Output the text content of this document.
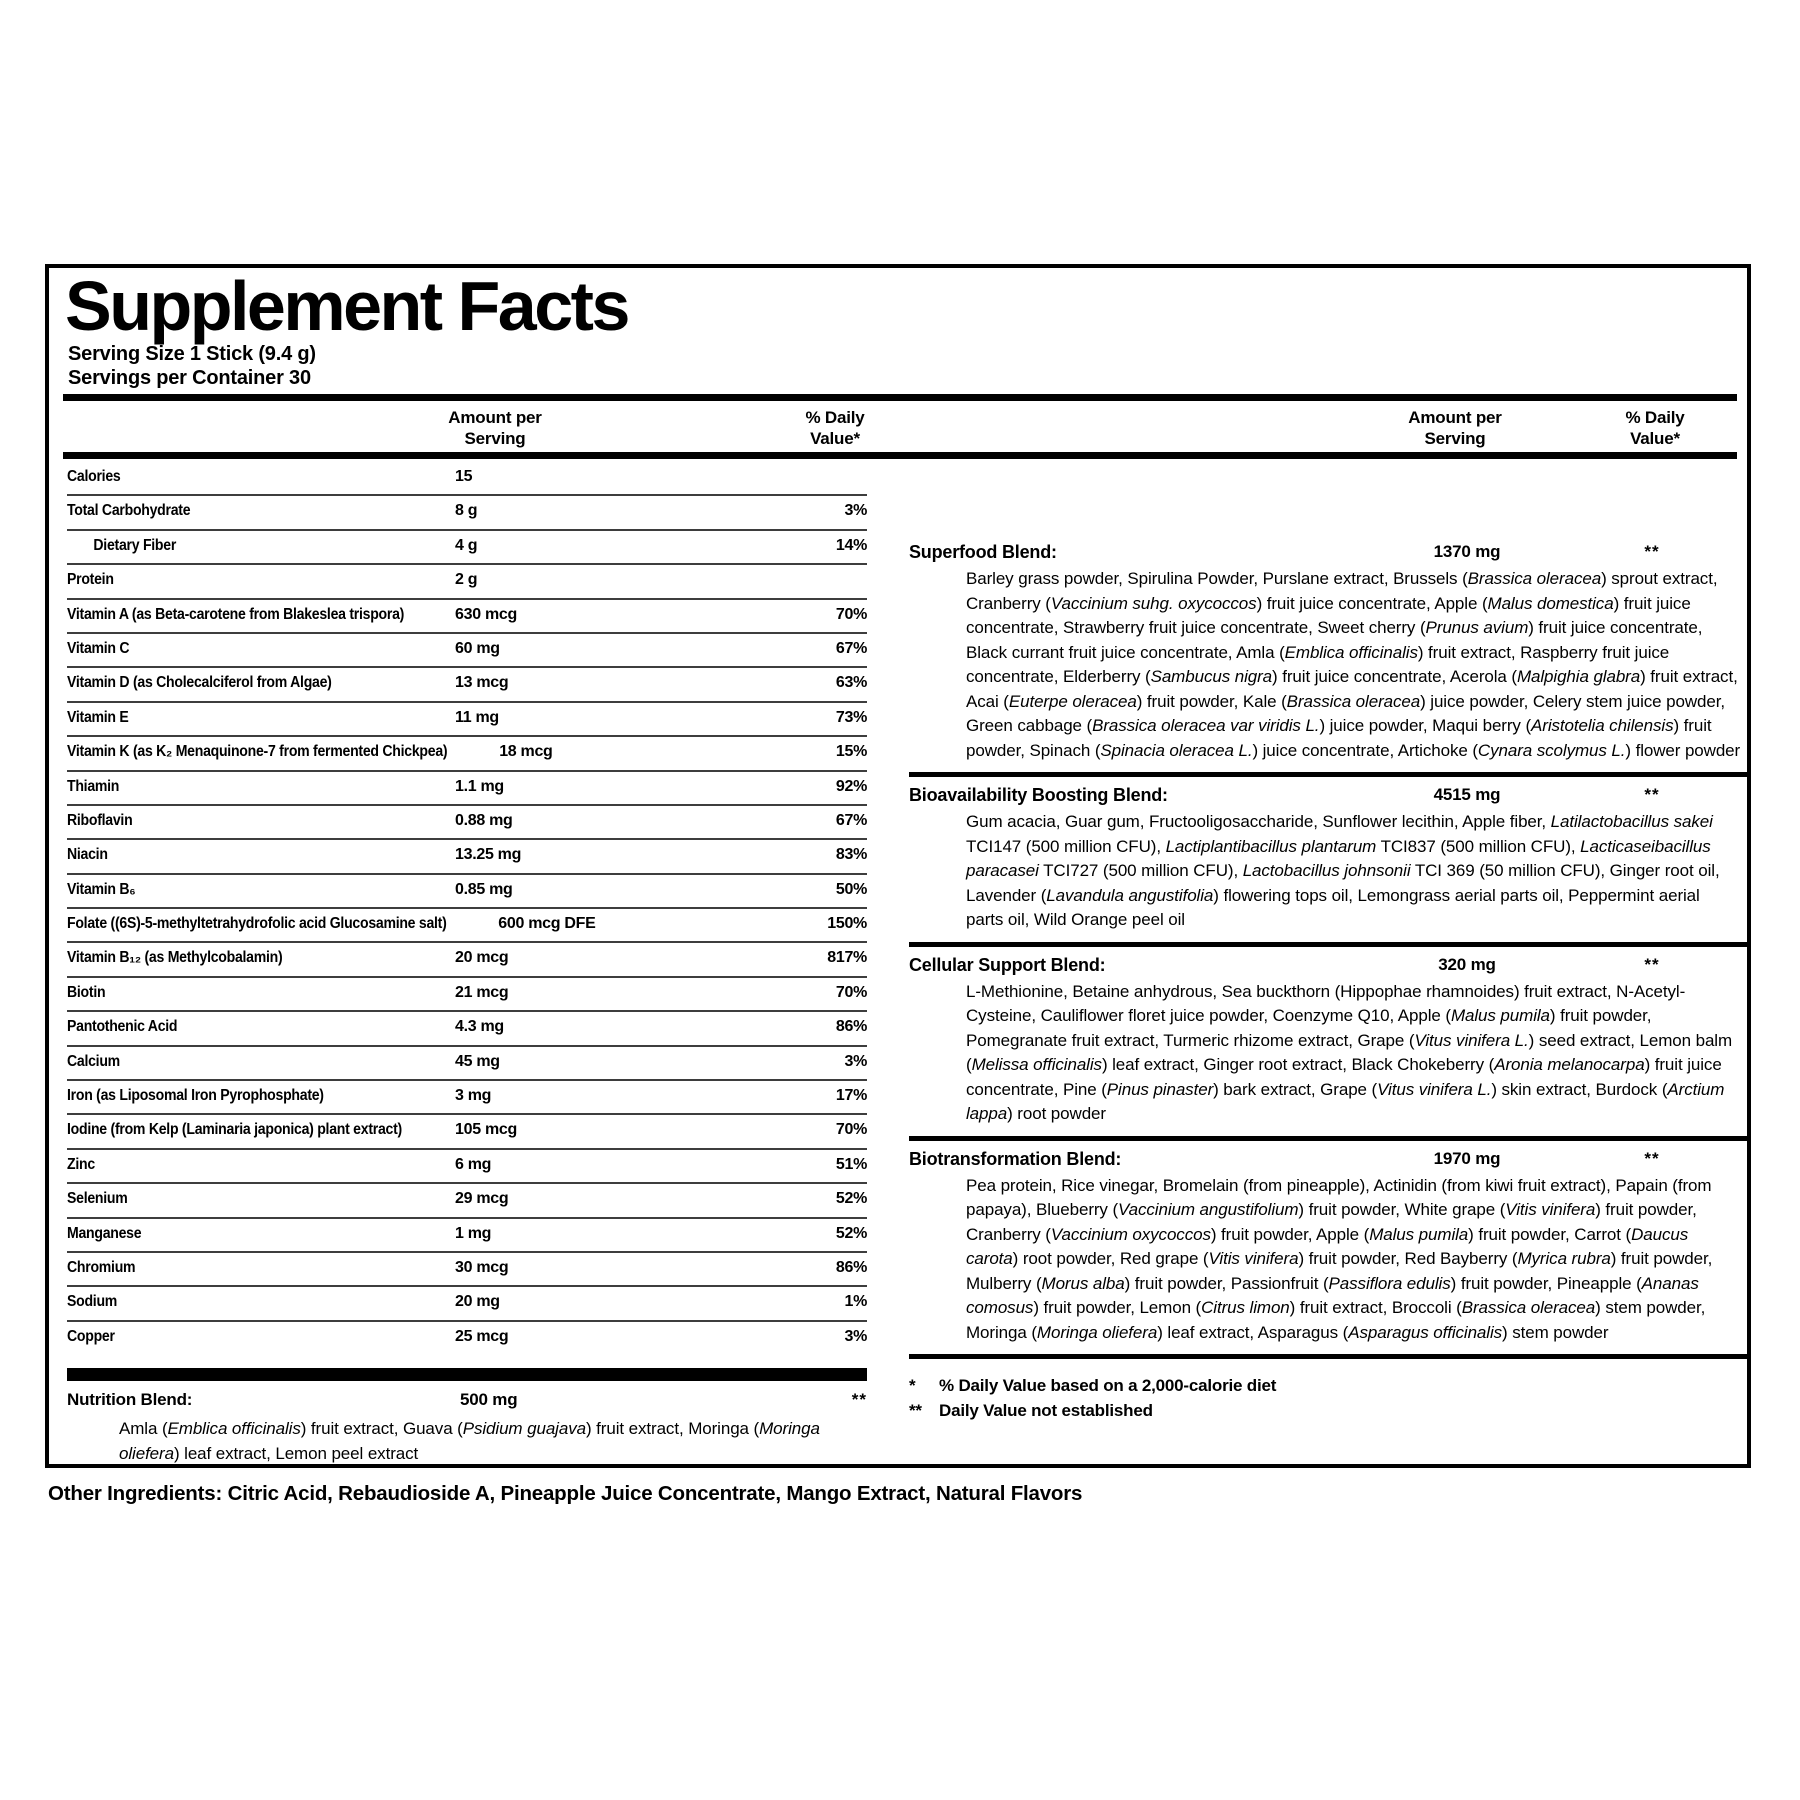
Supplement Facts
Serving Size 1 Stick (9.4 g)
Servings per Container 30
Amount per Serving
% Daily Value*
Amount per Serving
% Daily Value*
Calories	15
Total Carbohydrate	8 g	3%
Dietary Fiber	4 g	14%
Protein	2 g
Vitamin A (as Beta-carotene from Blakeslea trispora)	630 mcg	70%
Vitamin C	60 mg	67%
Vitamin D (as Cholecalciferol from Algae)	13 mcg	63%
Vitamin E	11 mg	73%
Vitamin K (as K₂ Menaquinone-7 from fermented Chickpea)	18 mcg	15%
Thiamin	1.1 mg	92%
Riboflavin	0.88 mg	67%
Niacin	13.25 mg	83%
Vitamin B₆	0.85 mg	50%
Folate ((6S)-5-methyltetrahydrofolic acid Glucosamine salt)	600 mcg DFE	150%
Vitamin B₁₂ (as Methylcobalamin)	20 mcg	817%
Biotin	21 mcg	70%
Pantothenic Acid	4.3 mg	86%
Calcium	45 mg	3%
Iron (as Liposomal Iron Pyrophosphate)	3 mg	17%
Iodine (from Kelp (Laminaria japonica) plant extract)	105 mcg	70%
Zinc	6 mg	51%
Selenium	29 mcg	52%
Manganese	1 mg	52%
Chromium	30 mcg	86%
Sodium	20 mg	1%
Copper	25 mcg	3%
Nutrition Blend:	500 mg	**
Amla (Emblica officinalis) fruit extract, Guava (Psidium guajava) fruit extract, Moringa (Moringa oliefera) leaf extract, Lemon peel extract
Superfood Blend:	1370 mg	**
Barley grass powder, Spirulina Powder, Purslane extract, Brussels (Brassica oleracea) sprout extract, Cranberry (Vaccinium suhg. oxycoccos) fruit juice concentrate, Apple (Malus domestica) fruit juice concentrate, Strawberry fruit juice concentrate, Sweet cherry (Prunus avium) fruit juice concentrate, Black currant fruit juice concentrate, Amla (Emblica officinalis) fruit extract, Raspberry fruit juice concentrate, Elderberry (Sambucus nigra) fruit juice concentrate, Acerola (Malpighia glabra) fruit extract, Acai (Euterpe oleracea) fruit powder, Kale (Brassica oleracea) juice powder, Celery stem juice powder, Green cabbage (Brassica oleracea var viridis L.) juice powder, Maqui berry (Aristotelia chilensis) fruit powder, Spinach (Spinacia oleracea L.) juice concentrate, Artichoke (Cynara scolymus L.) flower powder
Bioavailability Boosting Blend:	4515 mg	**
Gum acacia, Guar gum, Fructooligosaccharide, Sunflower lecithin, Apple fiber, Latilactobacillus sakei TCI147 (500 million CFU), Lactiplantibacillus plantarum TCI837 (500 million CFU), Lacticaseibacillus paracasei TCI727 (500 million CFU), Lactobacillus johnsonii TCI 369 (50 million CFU), Ginger root oil, Lavender (Lavandula angustifolia) flowering tops oil, Lemongrass aerial parts oil, Peppermint aerial parts oil, Wild Orange peel oil
Cellular Support Blend:	320 mg	**
L-Methionine, Betaine anhydrous, Sea buckthorn (Hippophae rhamnoides) fruit extract, N-Acetyl-Cysteine, Cauliflower floret juice powder, Coenzyme Q10, Apple (Malus pumila) fruit powder, Pomegranate fruit extract, Turmeric rhizome extract, Grape (Vitus vinifera L.) seed extract, Lemon balm (Melissa officinalis) leaf extract, Ginger root extract, Black Chokeberry (Aronia melanocarpa) fruit juice concentrate, Pine (Pinus pinaster) bark extract, Grape (Vitus vinifera L.) skin extract, Burdock (Arctium lappa) root powder
Biotransformation Blend:	1970 mg	**
Pea protein, Rice vinegar, Bromelain (from pineapple), Actinidin (from kiwi fruit extract), Papain (from papaya), Blueberry (Vaccinium angustifolium) fruit powder, White grape (Vitis vinifera) fruit powder, Cranberry (Vaccinium oxycoccos) fruit powder, Apple (Malus pumila) fruit powder, Carrot (Daucus carota) root powder, Red grape (Vitis vinifera) fruit powder, Red Bayberry (Myrica rubra) fruit powder, Mulberry (Morus alba) fruit powder, Passionfruit (Passiflora edulis) fruit powder, Pineapple (Ananas comosus) fruit powder, Lemon (Citrus limon) fruit extract, Broccoli (Brassica oleracea) stem powder, Moringa (Moringa oliefera) leaf extract, Asparagus (Asparagus officinalis) stem powder
*	% Daily Value based on a 2,000-calorie diet
**	Daily Value not established
Other Ingredients: Citric Acid, Rebaudioside A, Pineapple Juice Concentrate, Mango Extract, Natural Flavors
